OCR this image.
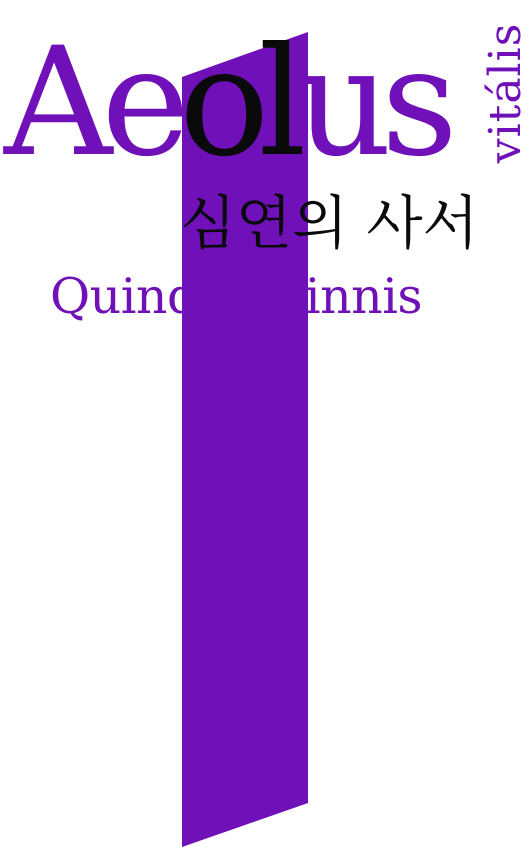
Aeolus vitális

심연의 사서

Quinque Pinnis
